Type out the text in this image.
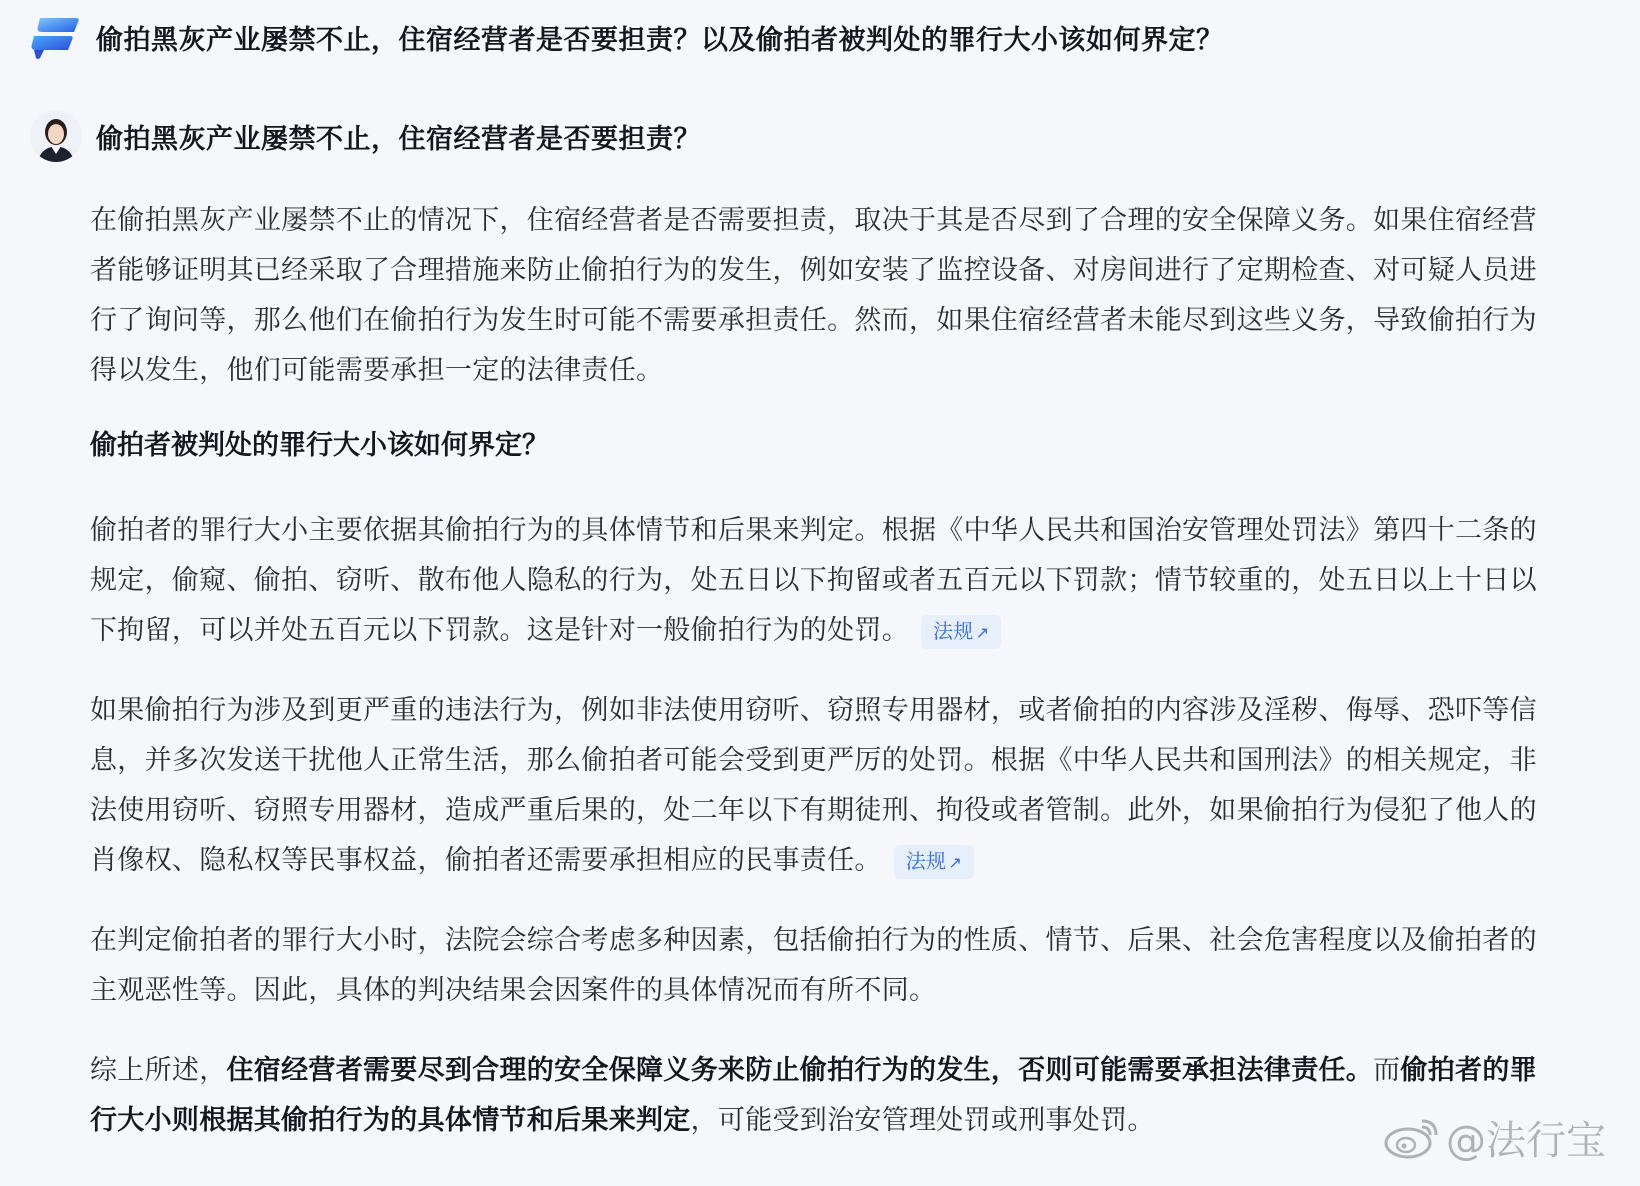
偷拍黑灰产业屡禁不止，住宿经营者是否要担责？以及偷拍者被判处的罪行大小该如何界定？
偷拍黑灰产业屡禁不止，住宿经营者是否要担责？

在偷拍黑灰产业屡禁不止的情况下，住宿经营者是否需要担责，取决于其是否尽到了合理的安全保障义务。如果住宿经营者能够证明其已经采取了合理措施来防止偷拍行为的发生，例如安装了监控设备、对房间进行了定期检查、对可疑人员进行了询问等，那么他们在偷拍行为发生时可能不需要承担责任。然而，如果住宿经营者未能尽到这些义务，导致偷拍行为得以发生，他们可能需要承担一定的法律责任。

偷拍者被判处的罪行大小该如何界定？

偷拍者的罪行大小主要依据其偷拍行为的具体情节和后果来判定。根据《中华人民共和国治安管理处罚法》第四十二条的规定，偷窥、偷拍、窃听、散布他人隐私的行为，处五日以下拘留或者五百元以下罚款；情节较重的，处五日以上十日以下拘留，可以并处五百元以下罚款。这是针对一般偷拍行为的处罚。 法规 ↗

如果偷拍行为涉及到更严重的违法行为，例如非法使用窃听、窃照专用器材，或者偷拍的内容涉及淫秽、侮辱、恐吓等信息，并多次发送干扰他人正常生活，那么偷拍者可能会受到更严厉的处罚。根据《中华人民共和国刑法》的相关规定，非法使用窃听、窃照专用器材，造成严重后果的，处二年以下有期徒刑、拘役或者管制。此外，如果偷拍行为侵犯了他人的肖像权、隐私权等民事权益，偷拍者还需要承担相应的民事责任。 法规 ↗

在判定偷拍者的罪行大小时，法院会综合考虑多种因素，包括偷拍行为的性质、情节、后果、社会危害程度以及偷拍者的主观恶性等。因此，具体的判决结果会因案件的具体情况而有所不同。

综上所述，住宿经营者需要尽到合理的安全保障义务来防止偷拍行为的发生，否则可能需要承担法律责任。而偷拍者的罪行大小则根据其偷拍行为的具体情节和后果来判定，可能受到治安管理处罚或刑事处罚。	@法行宝
